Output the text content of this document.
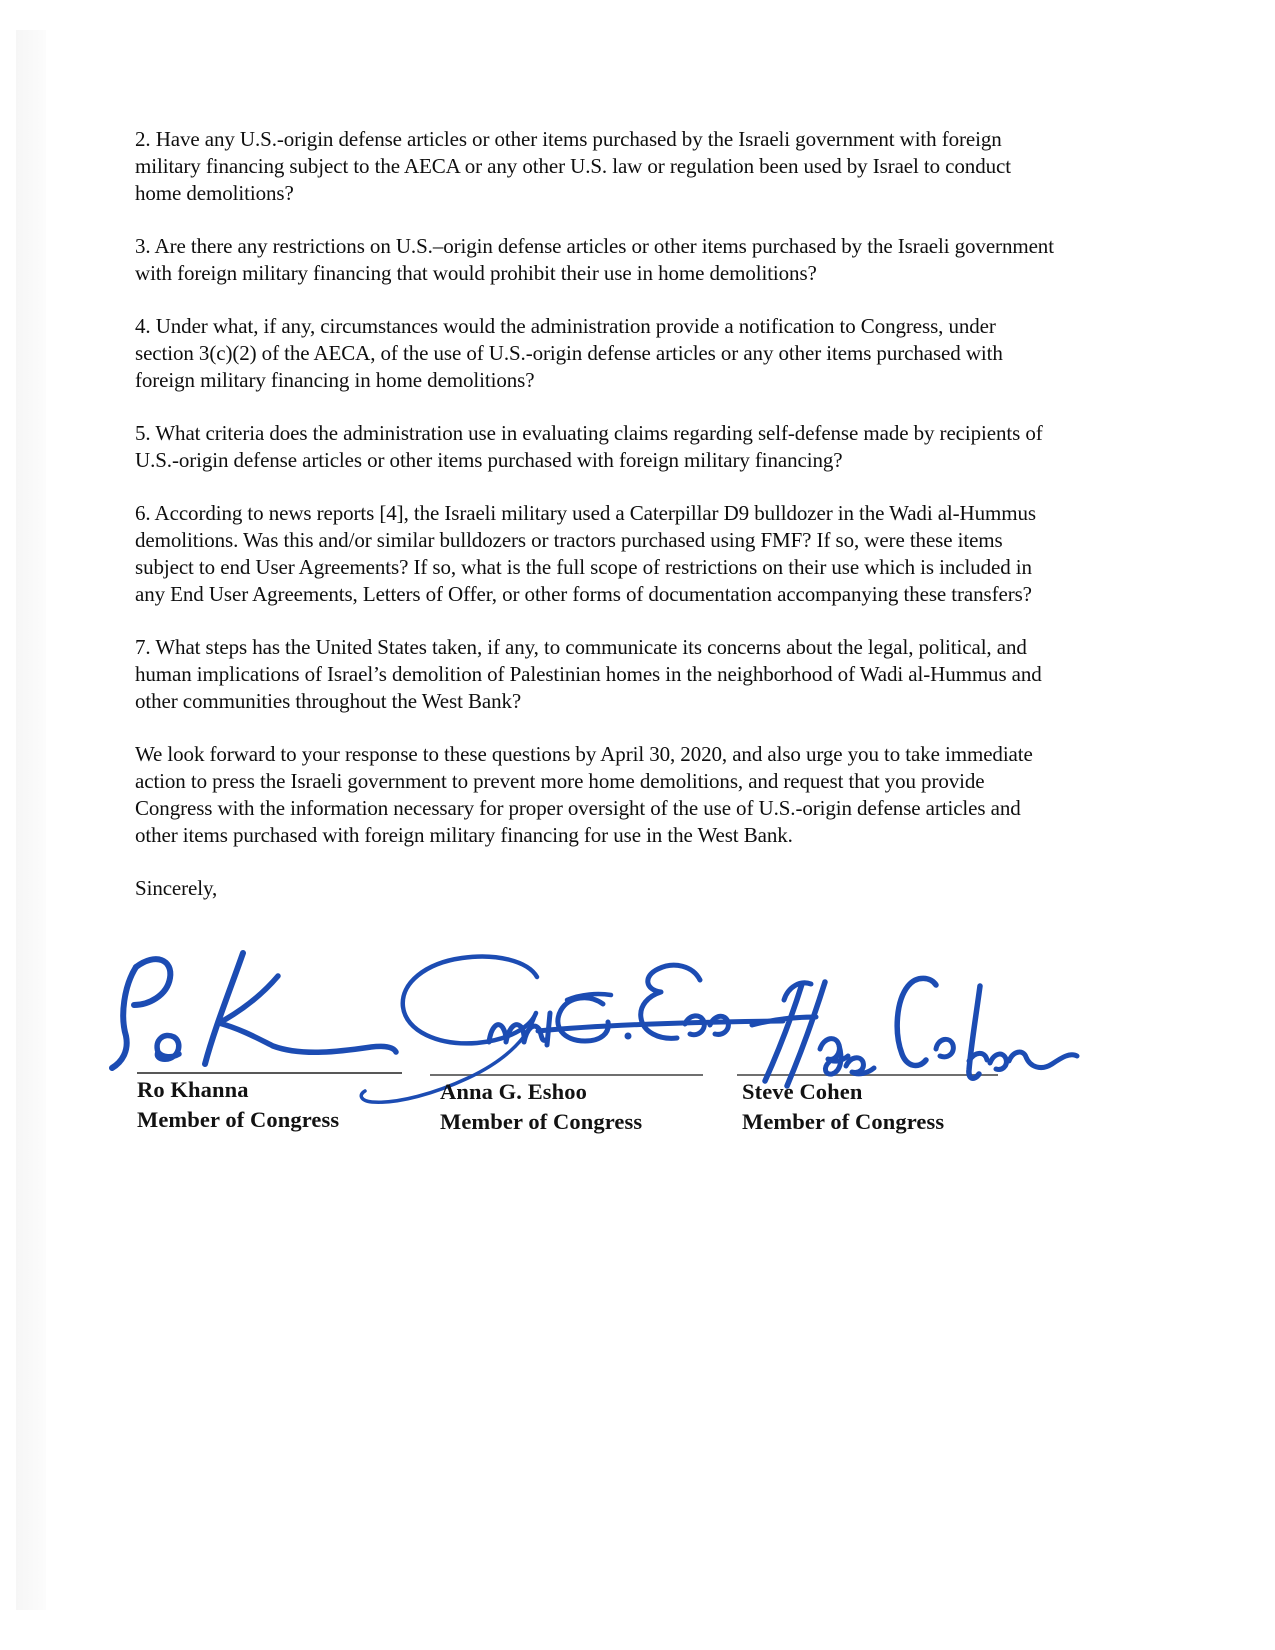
2. Have any U.S.-origin defense articles or other items purchased by the Israeli government with foreign military financing subject to the AECA or any other U.S. law or regulation been used by Israel to conduct home demolitions?

3. Are there any restrictions on U.S.–origin defense articles or other items purchased by the Israeli government with foreign military financing that would prohibit their use in home demolitions?

4. Under what, if any, circumstances would the administration provide a notification to Congress, under section 3(c)(2) of the AECA, of the use of U.S.-origin defense articles or any other items purchased with foreign military financing in home demolitions?

5. What criteria does the administration use in evaluating claims regarding self-defense made by recipients of U.S.-origin defense articles or other items purchased with foreign military financing?

6. According to news reports [4], the Israeli military used a Caterpillar D9 bulldozer in the Wadi al-Hummus demolitions. Was this and/or similar bulldozers or tractors purchased using FMF? If so, were these items subject to end User Agreements? If so, what is the full scope of restrictions on their use which is included in any End User Agreements, Letters of Offer, or other forms of documentation accompanying these transfers?

7. What steps has the United States taken, if any, to communicate its concerns about the legal, political, and human implications of Israel’s demolition of Palestinian homes in the neighborhood of Wadi al-Hummus and other communities throughout the West Bank?

We look forward to your response to these questions by April 30, 2020, and also urge you to take immediate action to press the Israeli government to prevent more home demolitions, and request that you provide Congress with the information necessary for proper oversight of the use of U.S.-origin defense articles and other items purchased with foreign military financing for use in the West Bank.

Sincerely,

Ro Khanna	Anna G. Eshoo	Steve Cohen
Member of Congress	Member of Congress	Member of Congress
